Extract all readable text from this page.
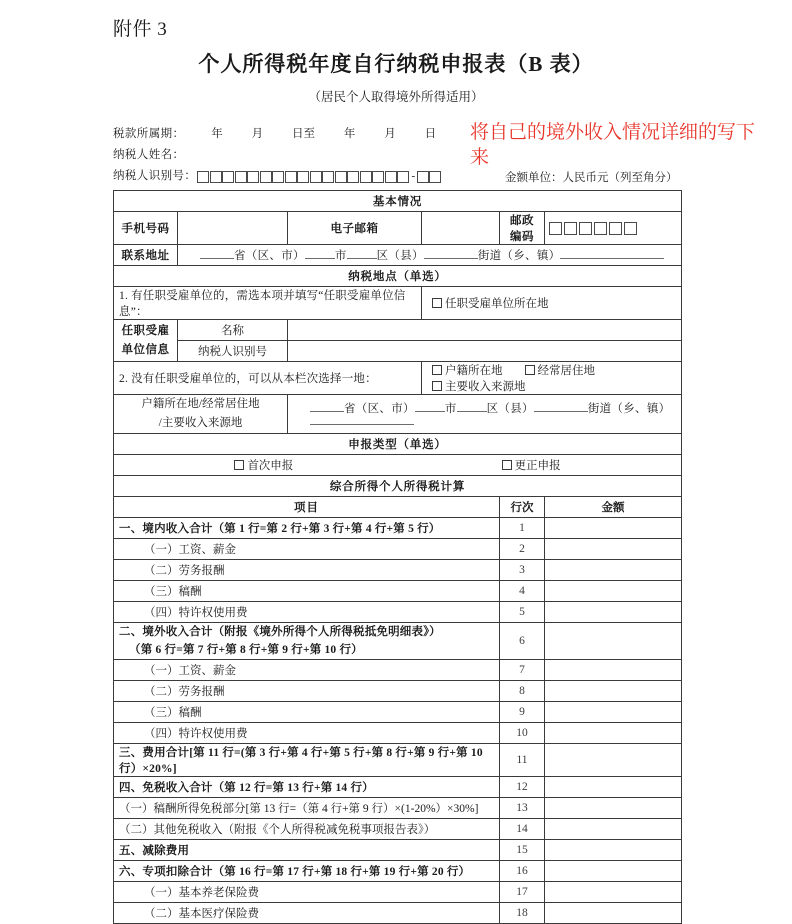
附件 3
个人所得税年度自行纳税申报表（B 表）
（居民个人取得境外所得适用）
税款所属期： 年	月	日至	年	月	日
纳税人姓名：
纳税人识别号：	-	金额单位：人民币元（列至角分）
将自己的境外收入情况详细的写下来
基本情况					
手机号码		电子邮箱		邮政编码	
联系地址	省（区、市） 市 区（县） 街道（乡、镇）				
纳税地点（单选）					
1. 有任职受雇单位的，需选本项并填写“任职受雇单位信息”：			任职受雇单位所在地		
任职受雇
单位信息	名称				
	纳税人识别号				
2. 没有任职受雇单位的，可以从本栏次选择一地：			户籍所在地 经常居住地主要收入来源地		
户籍所在地/经常居住地
/主要收入来源地		省（区、市） 市 区（县） 街道（乡、镇）			
申报类型（单选）					
首次申报 更正申报					
综合所得个人所得税计算					
项目				行次	金额
一、境内收入合计（第 1 行=第 2 行+第 3 行+第 4 行+第 5 行）				1	
（一）工资、薪金				2	
（二）劳务报酬				3	
（三）稿酬				4	
（四）特许权使用费				5	

二、境外收入合计（附报《境外所得个人所得税抵免明细表》）
（第 6 行=第 7 行+第 8 行+第 9 行+第 10 行）				6	
（一）工资、薪金				7	
（二）劳务报酬				8	
（三）稿酬				9	
（四）特许权使用费				10	
三、费用合计[第 11 行=(第 3 行+第 4 行+第 5 行+第 8 行+第 9 行+第 10 行）×20%]				11	
四、免税收入合计（第 12 行=第 13 行+第 14 行）				12	
（一）稿酬所得免税部分[第 13 行=（第 4 行+第 9 行）×(1-20%）×30%]				13	
（二）其他免税收入（附报《个人所得税减免税事项报告表》）				14	
五、减除费用				15	
六、专项扣除合计（第 16 行=第 17 行+第 18 行+第 19 行+第 20 行）				16	
（一）基本养老保险费				17	
（二）基本医疗保险费				18	
